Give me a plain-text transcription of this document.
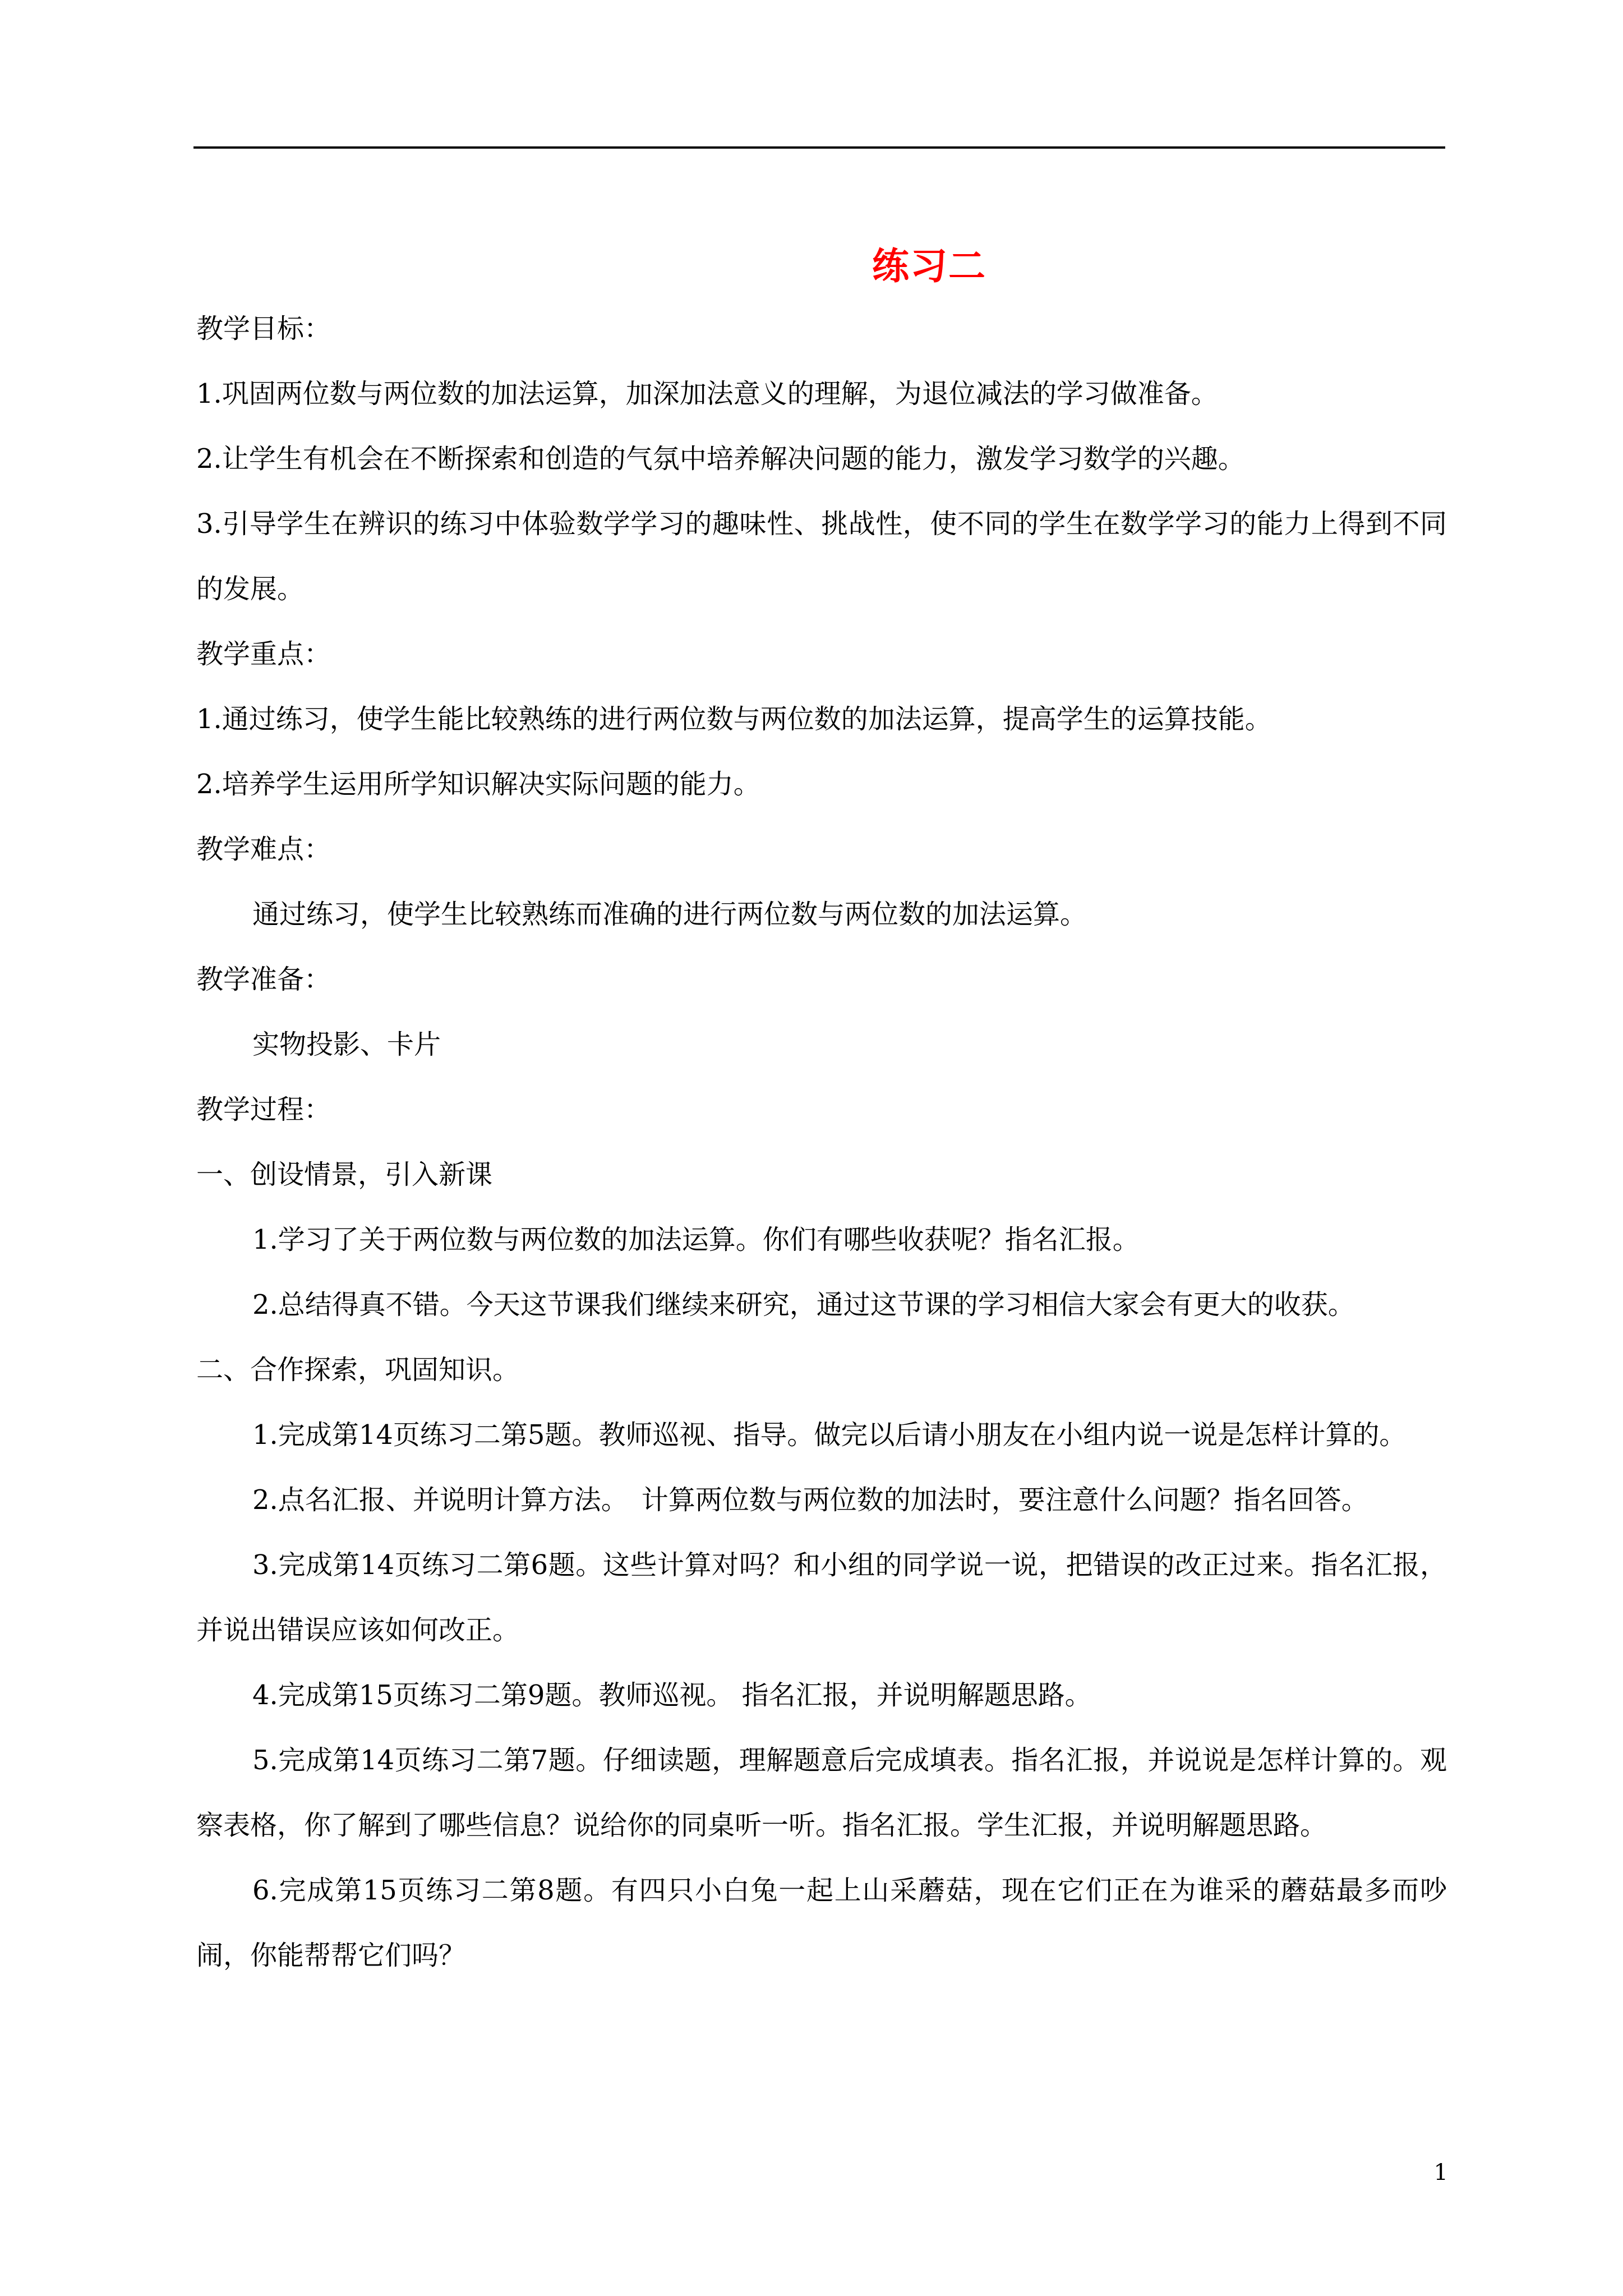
练习二

教学目标：

1.巩固两位数与两位数的加法运算，加深加法意义的理解，为退位减法的学习做准备。

2.让学生有机会在不断探索和创造的气氛中培养解决问题的能力，激发学习数学的兴趣。

3.引导学生在辨识的练习中体验数学学习的趣味性、挑战性，使不同的学生在数学学习的能力上得到不同的发展。

教学重点：

1.通过练习，使学生能比较熟练的进行两位数与两位数的加法运算，提高学生的运算技能。

2.培养学生运用所学知识解决实际问题的能力。

教学难点：

通过练习，使学生比较熟练而准确的进行两位数与两位数的加法运算。

教学准备：

实物投影、卡片

教学过程：

一、创设情景，引入新课

1.学习了关于两位数与两位数的加法运算。你们有哪些收获呢？指名汇报。

2.总结得真不错。今天这节课我们继续来研究，通过这节课的学习相信大家会有更大的收获。

二、合作探索，巩固知识。

1.完成第14页练习二第5题。教师巡视、指导。做完以后请小朋友在小组内说一说是怎样计算的。

2.点名汇报、并说明计算方法。　计算两位数与两位数的加法时，要注意什么问题？指名回答。

3.完成第14页练习二第6题。这些计算对吗？和小组的同学说一说，把错误的改正过来。指名汇报，并说出错误应该如何改正。

4.完成第15页练习二第9题。教师巡视。 指名汇报，并说明解题思路。

5.完成第14页练习二第7题。仔细读题，理解题意后完成填表。指名汇报，并说说是怎样计算的。观察表格，你了解到了哪些信息？说给你的同桌听一听。指名汇报。学生汇报，并说明解题思路。

6.完成第15页练习二第8题。有四只小白兔一起上山采蘑菇，现在它们正在为谁采的蘑菇最多而吵闹，你能帮帮它们吗？

1
